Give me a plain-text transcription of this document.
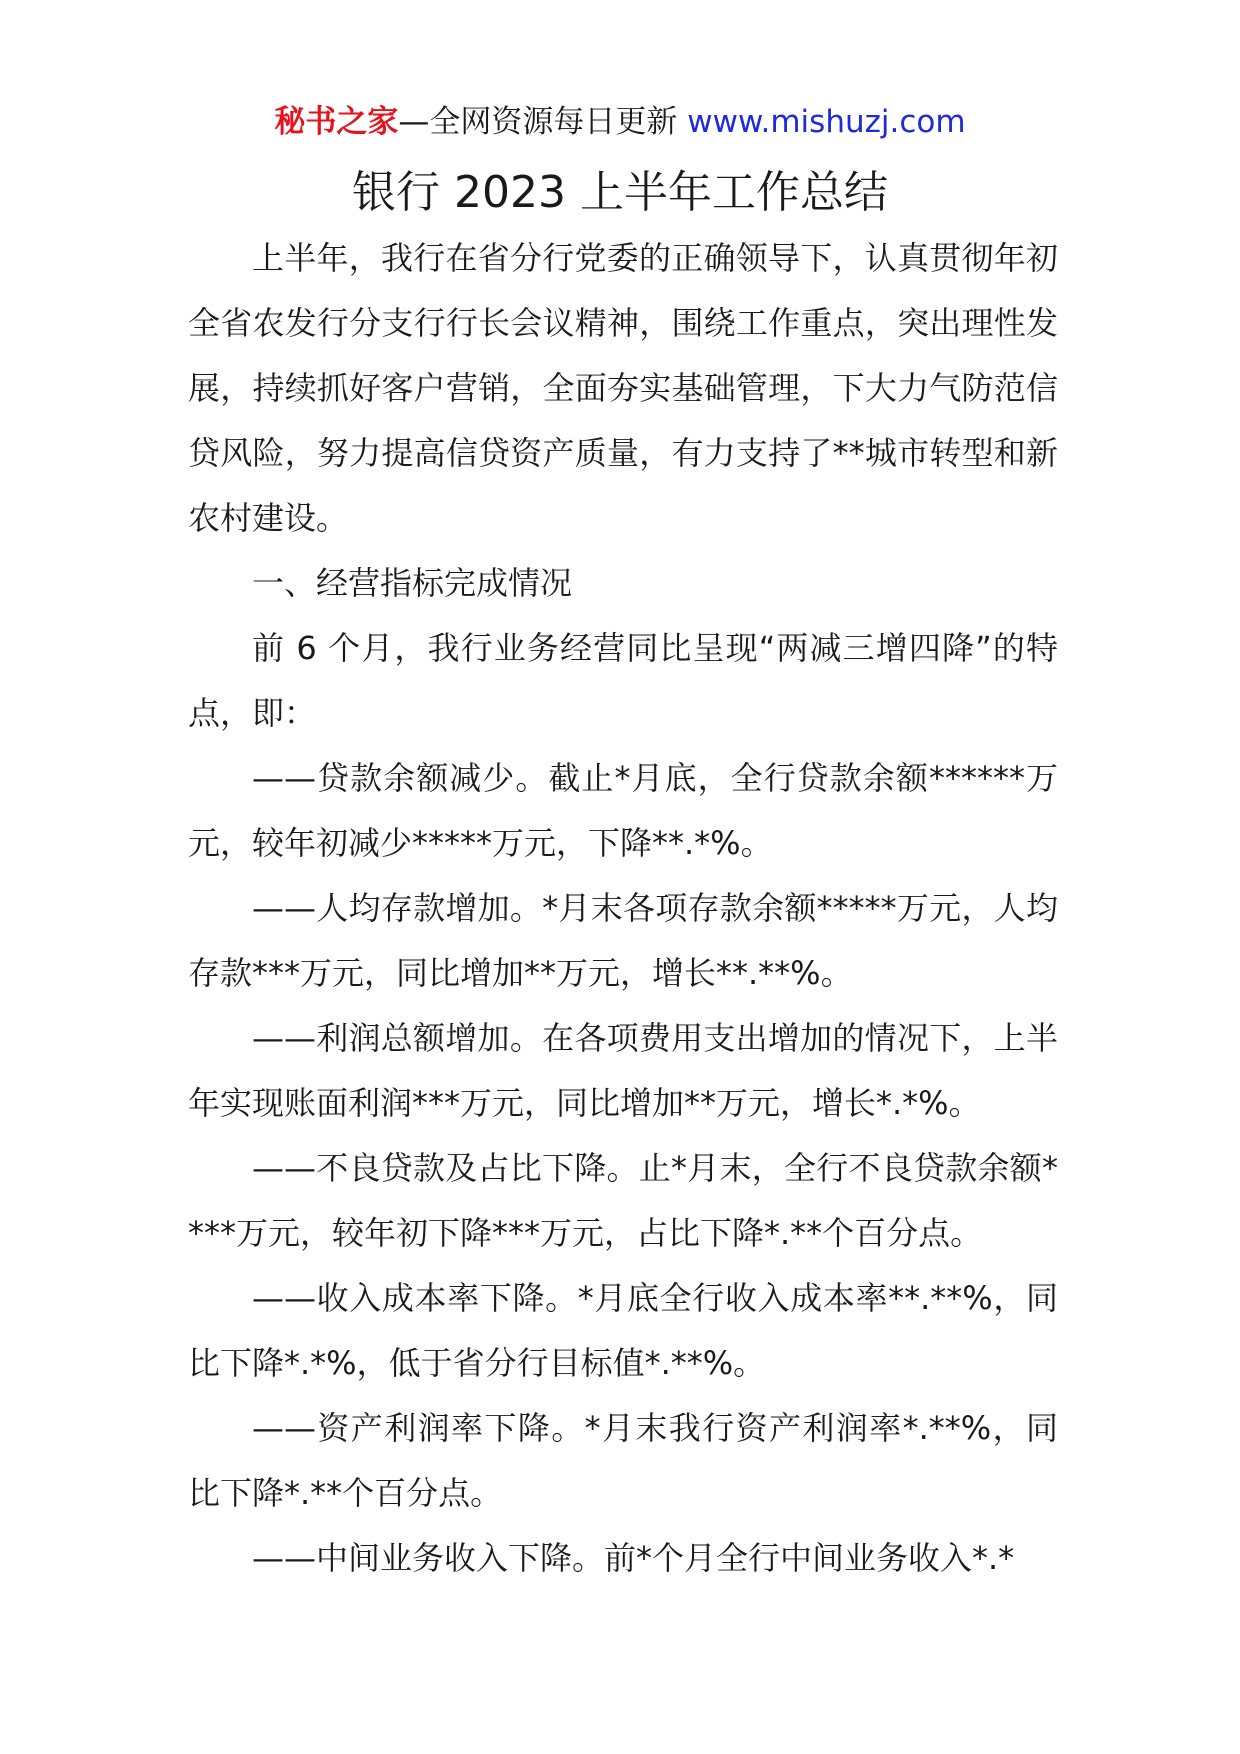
秘书之家—全网资源每日更新 www.mishuzj.com
银行 2023 上半年工作总结

上半年，我行在省分行党委的正确领导下，认真贯彻年初全省农发行分支行行长会议精神，围绕工作重点，突出理性发展，持续抓好客户营销，全面夯实基础管理，下大力气防范信贷风险，努力提高信贷资产质量，有力支持了**城市转型和新农村建设。

一、经营指标完成情况

前 6 个月，我行业务经营同比呈现“两减三增四降”的特点，即：

——贷款余额减少。截止*月底，全行贷款余额******万元，较年初减少*****万元，下降**.*%。

——人均存款增加。*月末各项存款余额*****万元，人均存款***万元，同比增加**万元，增长**.**%。

——利润总额增加。在各项费用支出增加的情况下，上半年实现账面利润***万元，同比增加**万元，增长*.*%。

——不良贷款及占比下降。止*月末，全行不良贷款余额****万元，较年初下降***万元，占比下降*.**个百分点。

——收入成本率下降。*月底全行收入成本率**.**%，同比下降*.*%，低于省分行目标值*.**%。

——资产利润率下降。*月末我行资产利润率*.**%，同比下降*.**个百分点。

——中间业务收入下降。前*个月全行中间业务收入*.*
